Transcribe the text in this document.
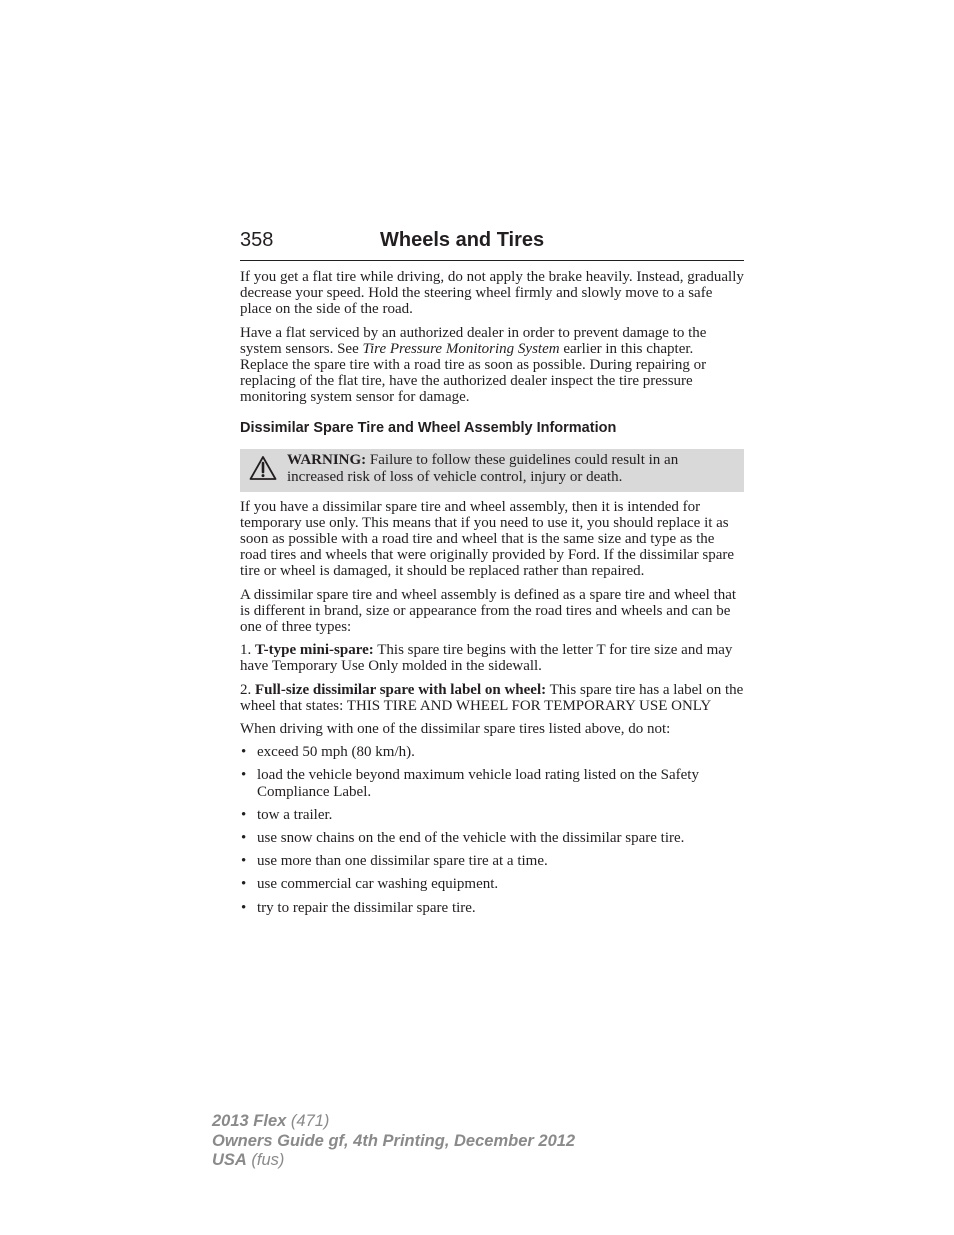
358	Wheels and Tires

If you get a flat tire while driving, do not apply the brake heavily. Instead, gradually decrease your speed. Hold the steering wheel firmly and slowly move to a safe place on the side of the road.

Have a flat serviced by an authorized dealer in order to prevent damage to the system sensors. See Tire Pressure Monitoring System earlier in this chapter. Replace the spare tire with a road tire as soon as possible. During repairing or replacing of the flat tire, have the authorized dealer inspect the tire pressure monitoring system sensor for damage.

Dissimilar Spare Tire and Wheel Assembly Information
WARNING: Failure to follow these guidelines could result in an increased risk of loss of vehicle control, injury or death.

If you have a dissimilar spare tire and wheel assembly, then it is intended for temporary use only. This means that if you need to use it, you should replace it as soon as possible with a road tire and wheel that is the same size and type as the road tires and wheels that were originally provided by Ford. If the dissimilar spare tire or wheel is damaged, it should be replaced rather than repaired.

A dissimilar spare tire and wheel assembly is defined as a spare tire and wheel that is different in brand, size or appearance from the road tires and wheels and can be one of three types:

1. T-type mini-spare: This spare tire begins with the letter T for tire size and may have Temporary Use Only molded in the sidewall.

2. Full-size dissimilar spare with label on wheel: This spare tire has a label on the wheel that states: THIS TIRE AND WHEEL FOR TEMPORARY USE ONLY

When driving with one of the dissimilar spare tires listed above, do not:

• exceed 50 mph (80 km/h).
• load the vehicle beyond maximum vehicle load rating listed on the Safety Compliance Label.
• tow a trailer.
• use snow chains on the end of the vehicle with the dissimilar spare tire.
• use more than one dissimilar spare tire at a time.
• use commercial car washing equipment.
• try to repair the dissimilar spare tire.
2013 Flex (471)
Owners Guide gf, 4th Printing, December 2012
USA (fus)
